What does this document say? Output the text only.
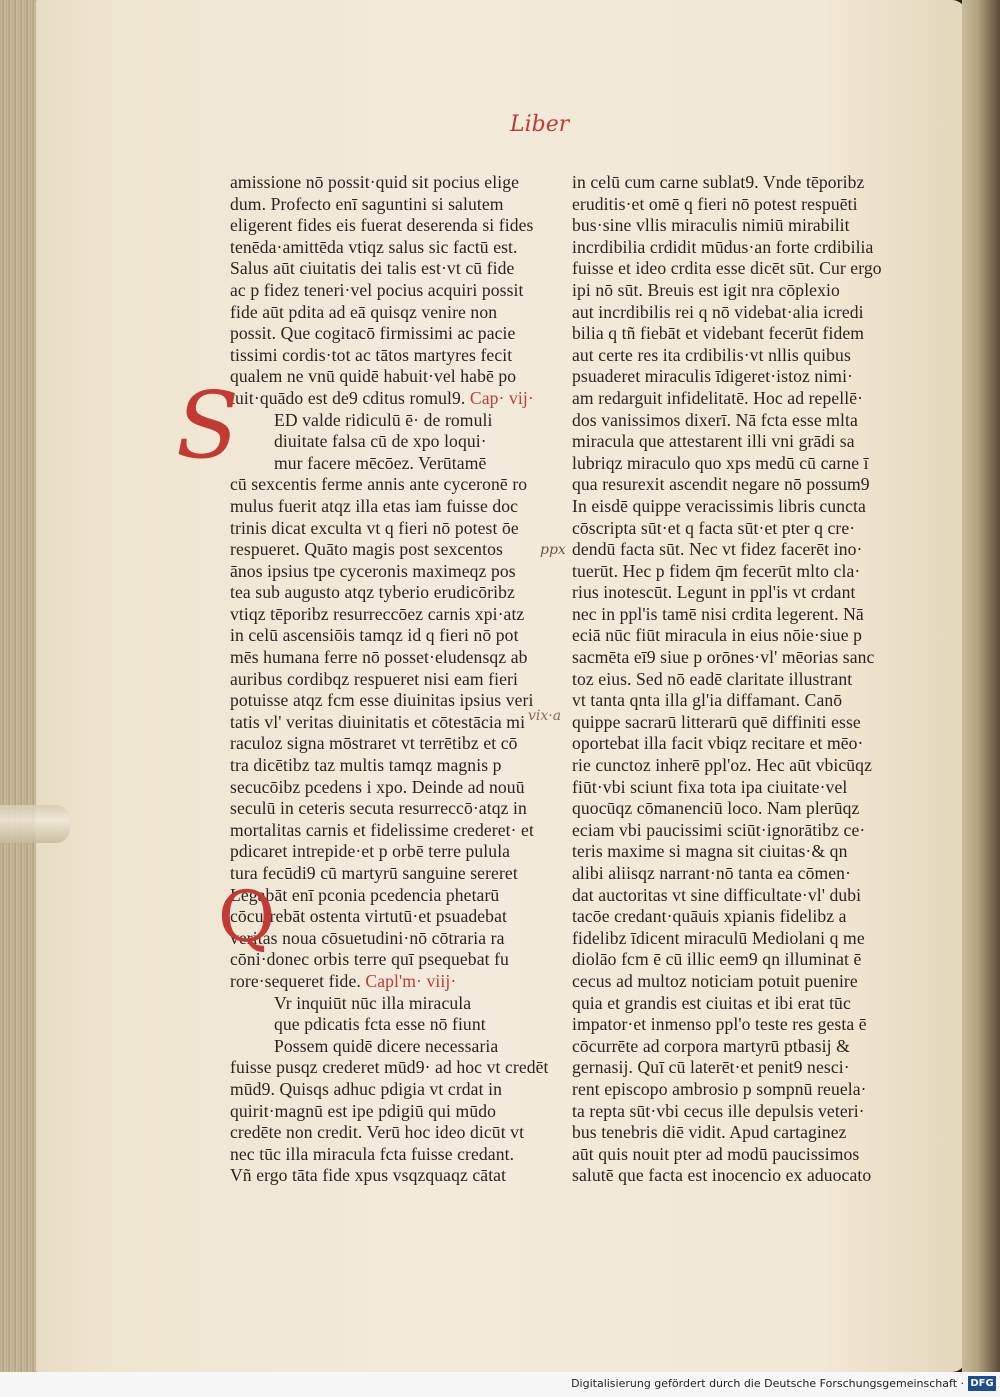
Liber
amissione nō possit·quid sit pocius elige
dum. Profecto enī saguntini si salutem
eligerent fides eis fuerat deserenda si fides
tenēda·amittēda vtiqz salus sic factū est.
Salus aūt ciuitatis dei talis est·vt cū fide
ac p fidez teneri·vel pocius acquiri possit
fide aūt pdita ad eā quisqz venire non
possit. Que cogitacō firmissimi ac pacie
tissimi cordis·tot ac tātos martyres fecit
qualem ne vnū quidē habuit·vel habē po
tuit·quādo est de9 cditus romul9. Cap· vij·
ED valde ridiculū ē· de romuli
diuitate falsa cū de xpo loqui·
mur facere mēcōez. Verūtamē
cū sexcentis ferme annis ante cyceronē ro
mulus fuerit atqz illa etas iam fuisse doc
trinis dicat exculta vt q fieri nō potest ōe
respueret. Quāto magis post sexcentos
ānos ipsius tpe cyceronis maximeqz pos
tea sub augusto atqz tyberio erudicōribz
vtiqz tēporibz resurreccōez carnis xpi·atz
in celū ascensiōis tamqz id q fieri nō pot
mēs humana ferre nō posset·eludensqz ab
auribus cordibqz respueret nisi eam fieri
potuisse atqz fcm esse diuinitas ipsius veri
tatis vl' veritas diuinitatis et cōtestācia mi
raculoz signa mōstraret vt terrētibz et cō
tra dicētibz taz multis tamqz magnis p
secucōibz pcedens i xpo. Deinde ad nouū
seculū in ceteris secuta resurreccō·atqz in
mortalitas carnis et fidelissime crederet· et
pdicaret intrepide·et p orbē terre pulula
tura fecūdi9 cū martyrū sanguine sereret
Legabāt enī pconia pcedencia phetarū
cōcurrebāt ostenta virtutū·et psuadebat
veritas noua cōsuetudini·nō cōtraria ra
cōni·donec orbis terre quī psequebat fu
rore·sequeret fide. Capl'm· viij·
Vr inquiūt nūc illa miracula
que pdicatis fcta esse nō fiunt
Possem quidē dicere necessaria
fuisse pusqz crederet mūd9· ad hoc vt credēt
mūd9. Quisqs adhuc pdigia vt crdat in
quirit·magnū est ipe pdigiū qui mūdo
credēte non credit. Verū hoc ideo dicūt vt
nec tūc illa miracula fcta fuisse credant.
Vñ ergo tāta fide xpus vsqzquaqz cātat
in celū cum carne sublat9. Vnde tēporibz
eruditis·et omē q fieri nō potest respuēti
bus·sine vllis miraculis nimiū mirabilit
incrdibilia crdidit mūdus·an forte crdibilia
fuisse et ideo crdita esse dicēt sūt. Cur ergo
ipi nō sūt. Breuis est igit nra cōplexio
aut incrdibilis rei q nō videbat·alia icredi
bilia q tñ fiebāt et videbant fecerūt fidem
aut certe res ita crdibilis·vt nllis quibus
psuaderet miraculis īdigeret·istoz nimi·
am redarguit infidelitatē. Hoc ad repellē·
dos vanissimos dixerī. Nā fcta esse mlta
miracula que attestarent illi vni grādi sa
lubriqz miraculo quo xps medū cū carne ī
qua resurexit ascendit negare nō possum9
In eisdē quippe veracissimis libris cuncta
cōscripta sūt·et q facta sūt·et pter q cre·
dendū facta sūt. Nec vt fidez facerēt ino·
tuerūt. Hec p fidem q̄m fecerūt mlto cla·
rius inotescūt. Legunt in ppl'is vt crdant
nec in ppl'is tamē nisi crdita legerent. Nā
eciā nūc fiūt miracula in eius nōie·siue p
sacmēta eī9 siue p orōnes·vl' mēorias sanc
toz eius. Sed nō eadē claritate illustrant
vt tanta qnta illa gl'ia diffamant. Canō
quippe sacrarū litterarū quē diffiniti esse
oportebat illa facit vbiqz recitare et mēo·
rie cunctoz inherē ppl'oz. Hec aūt vbicūqz
fiūt·vbi sciunt fixa tota ipa ciuitate·vel
quocūqz cōmanenciū loco. Nam plerūqz
eciam vbi paucissimi sciūt·ignorātibz ce·
teris maxime si magna sit ciuitas·& qn
alibi aliisqz narrant·nō tanta ea cōmen·
dat auctoritas vt sine difficultate·vl' dubi
tacōe credant·quāuis xpianis fidelibz a
fidelibz īdicent miraculū Mediolani q me
diolāo fcm ē cū illic eem9 qn illuminat ē
cecus ad multoz noticiam potuit puenire
quia et grandis est ciuitas et ibi erat tūc
impator·et inmenso ppl'o teste res gesta ē
cōcurrēte ad corpora martyrū ptbasij &
gernasij. Quī cū laterēt·et penit9 nesci·
rent episcopo ambrosio p sompnū reuela·
ta repta sūt·vbi cecus ille depulsis veteri·
bus tenebris diē vidit. Apud cartaginez
aūt quis nouit pter ad modū paucissimos
salutē que facta est inocencio ex aduocato
S
Q
ppx
vix·a
Digitalisierung gefördert durch die Deutsche Forschungsgemeinschaft · DFG
